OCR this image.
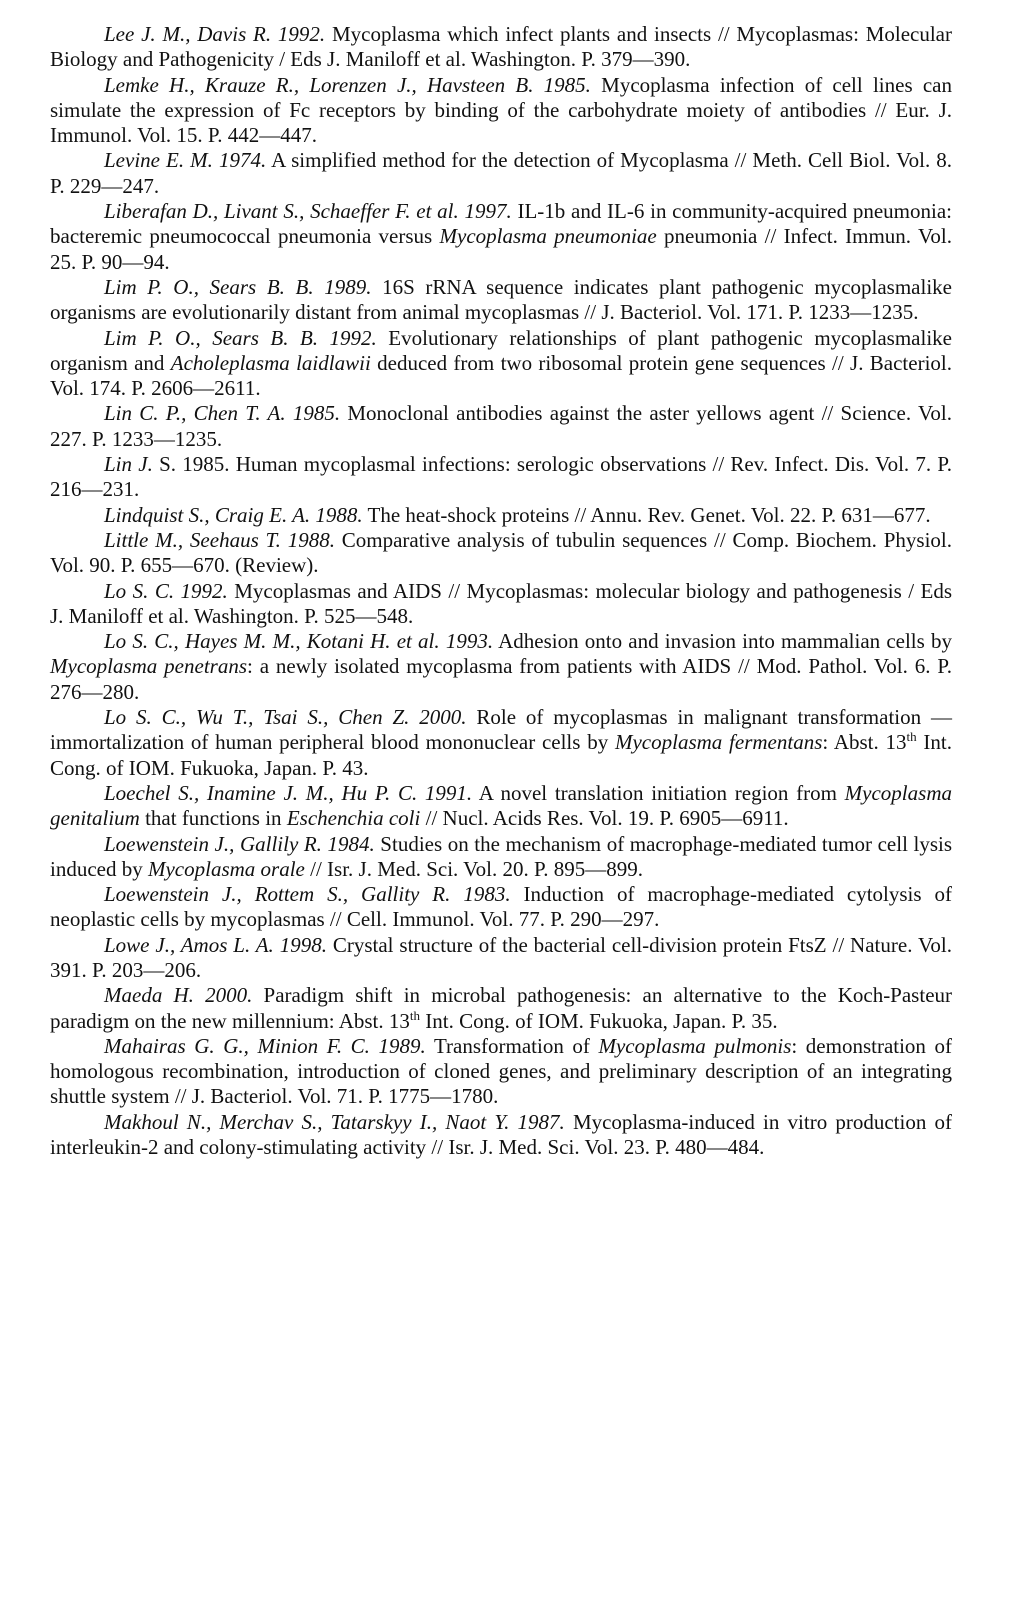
Lee J. M., Davis R. 1992. Mycoplasma which infect plants and insects // Mycoplasmas: Molecular Biology and Pathogenicity / Eds J. Maniloff et al. Washington. P. 379—390.

Lemke H., Krauze R., Lorenzen J., Havsteen B. 1985. Mycoplasma infection of cell lines can simulate the expression of Fc receptors by binding of the carbohydrate moiety of antibodies // Eur. J. Immunol. Vol. 15. P. 442—447.

Levine E. M. 1974. A simplified method for the detection of Mycoplasma // Meth. Cell Biol. Vol. 8. P. 229—247.

Liberafan D., Livant S., Schaeffer F. et al. 1997. IL-1b and IL-6 in community-acquired pneumonia: bacteremic pneumococcal pneumonia versus Mycoplasma pneumoniae pneumonia // Infect. Immun. Vol. 25. P. 90—94.

Lim P. O., Sears B. B. 1989. 16S rRNA sequence indicates plant pathogenic mycoplasmalike organisms are evolutionarily distant from animal mycoplasmas // J. Bacteriol. Vol. 171. P. 1233—1235.

Lim P. O., Sears B. B. 1992. Evolutionary relationships of plant pathogenic mycoplasmalike organism and Acholeplasma laidlawii deduced from two ribosomal protein gene sequences // J. Bacteriol. Vol. 174. P. 2606—2611.

Lin C. P., Chen T. A. 1985. Monoclonal antibodies against the aster yellows agent // Science. Vol. 227. P. 1233—1235.

Lin J. S. 1985. Human mycoplasmal infections: serologic observations // Rev. Infect. Dis. Vol. 7. P. 216—231.

Lindquist S., Craig E. A. 1988. The heat-shock proteins // Annu. Rev. Genet. Vol. 22. P. 631—677.

Little M., Seehaus T. 1988. Comparative analysis of tubulin sequences // Comp. Biochem. Physiol. Vol. 90. P. 655—670. (Review).

Lo S. C. 1992. Mycoplasmas and AIDS // Mycoplasmas: molecular biology and pathogenesis / Eds J. Maniloff et al. Washington. P. 525—548.

Lo S. C., Hayes M. M., Kotani H. et al. 1993. Adhesion onto and invasion into mammalian cells by Mycoplasma penetrans: a newly isolated mycoplasma from patients with AIDS // Mod. Pathol. Vol. 6. P. 276—280.

Lo S. C., Wu T., Tsai S., Chen Z. 2000. Role of mycoplasmas in malignant transformation — immortalization of human peripheral blood mononuclear cells by Mycoplasma fermentans: Abst. 13th Int. Cong. of IOM. Fukuoka, Japan. P. 43.

Loechel S., Inamine J. M., Hu P. C. 1991. A novel translation initiation region from Mycoplasma genitalium that functions in Eschenchia coli // Nucl. Acids Res. Vol. 19. P. 6905—6911.

Loewenstein J., Gallily R. 1984. Studies on the mechanism of macrophage-mediated tumor cell lysis induced by Mycoplasma orale // Isr. J. Med. Sci. Vol. 20. P. 895—899.

Loewenstein J., Rottem S., Gallity R. 1983. Induction of macrophage-mediated cytolysis of neoplastic cells by mycoplasmas // Cell. Immunol. Vol. 77. P. 290—297.

Lowe J., Amos L. A. 1998. Crystal structure of the bacterial cell-division protein FtsZ // Nature. Vol. 391. P. 203—206.

Maeda H. 2000. Paradigm shift in microbal pathogenesis: an alternative to the Koch-Pasteur paradigm on the new millennium: Abst. 13th Int. Cong. of IOM. Fukuoka, Japan. P. 35.

Mahairas G. G., Minion F. C. 1989. Transformation of Mycoplasma pulmonis: demonstration of homologous recombination, introduction of cloned genes, and preliminary description of an integrating shuttle system // J. Bacteriol. Vol. 71. P. 1775—1780.

Makhoul N., Merchav S., Tatarskyy I., Naot Y. 1987. Mycoplasma-induced in vitro production of interleukin-2 and colony-stimulating activity // Isr. J. Med. Sci. Vol. 23. P. 480—484.
